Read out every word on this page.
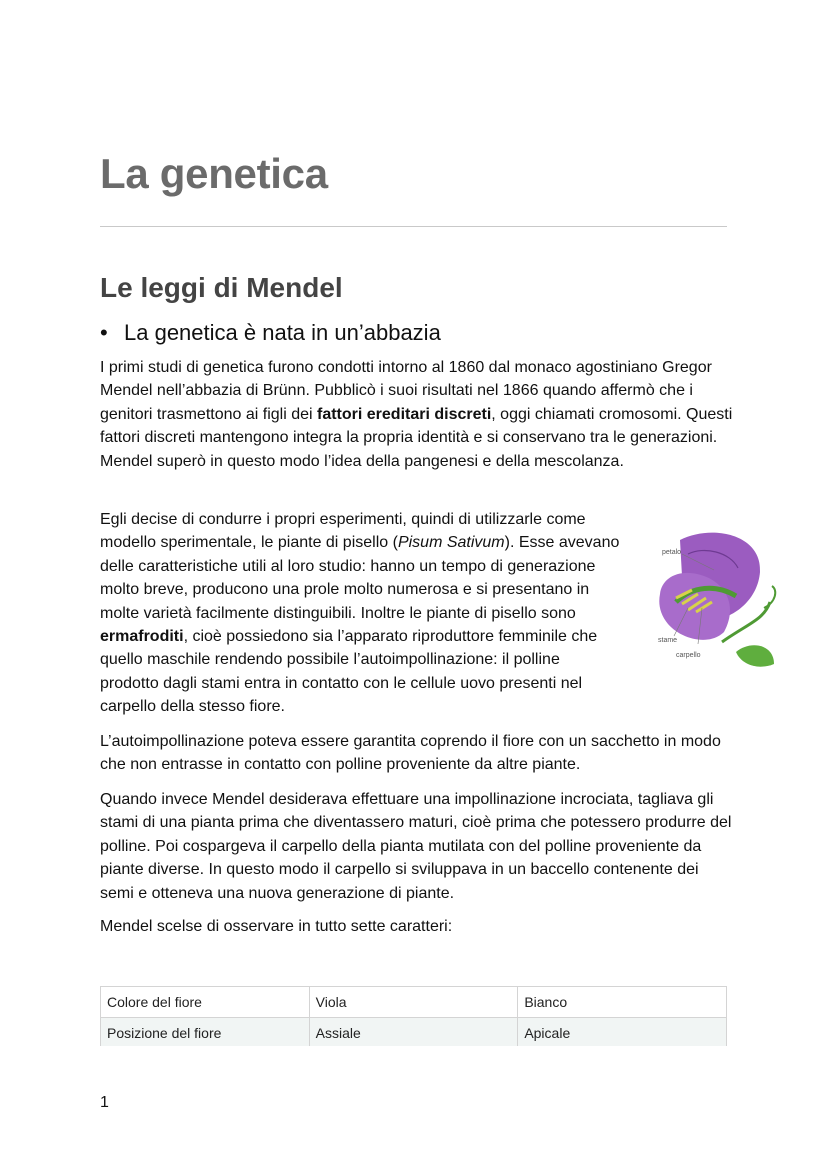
La genetica
Le leggi di Mendel

• La genetica è nata in un’abbazia

I primi studi di genetica furono condotti intorno al 1860 dal monaco agostiniano Gregor Mendel nell’abbazia di Brünn. Pubblicò i suoi risultati nel 1866 quando affermò che i genitori trasmettono ai figli dei fattori ereditari discreti, oggi chiamati cromosomi. Questi fattori discreti mantengono integra la propria identità e si conservano tra le generazioni. Mendel superò in questo modo l’idea della pangenesi e della mescolanza.

Egli decise di condurre i propri esperimenti, quindi di utilizzarle come modello sperimentale, le piante di pisello (Pisum Sativum). Esse avevano delle caratteristiche utili al loro studio: hanno un tempo di generazione molto breve, producono una prole molto numerosa e si presentano in molte varietà facilmente distinguibili. Inoltre le piante di pisello sono ermafroditi, cioè possiedono sia l’apparato riproduttore femminile che quello maschile rendendo possibile l’autoimpollinazione: il polline prodotto dagli stami entra in contatto con le cellule uovo presenti nel carpello della stesso fiore.

petalo
stame
carpello

L’autoimpollinazione poteva essere garantita coprendo il fiore con un sacchetto in modo che non entrasse in contatto con polline proveniente da altre piante.

Quando invece Mendel desiderava effettuare una impollinazione incrociata, tagliava gli stami di una pianta prima che diventassero maturi, cioè prima che potessero produrre del polline. Poi cospargeva il carpello della pianta mutilata con del polline proveniente da piante diverse. In questo modo il carpello si sviluppava in un baccello contenente dei semi e otteneva una nuova generazione di piante.

Mendel scelse di osservare in tutto sette caratteri:

Colore del fiore	Viola	Bianco
Posizione del fiore	Assiale	Apicale
1
